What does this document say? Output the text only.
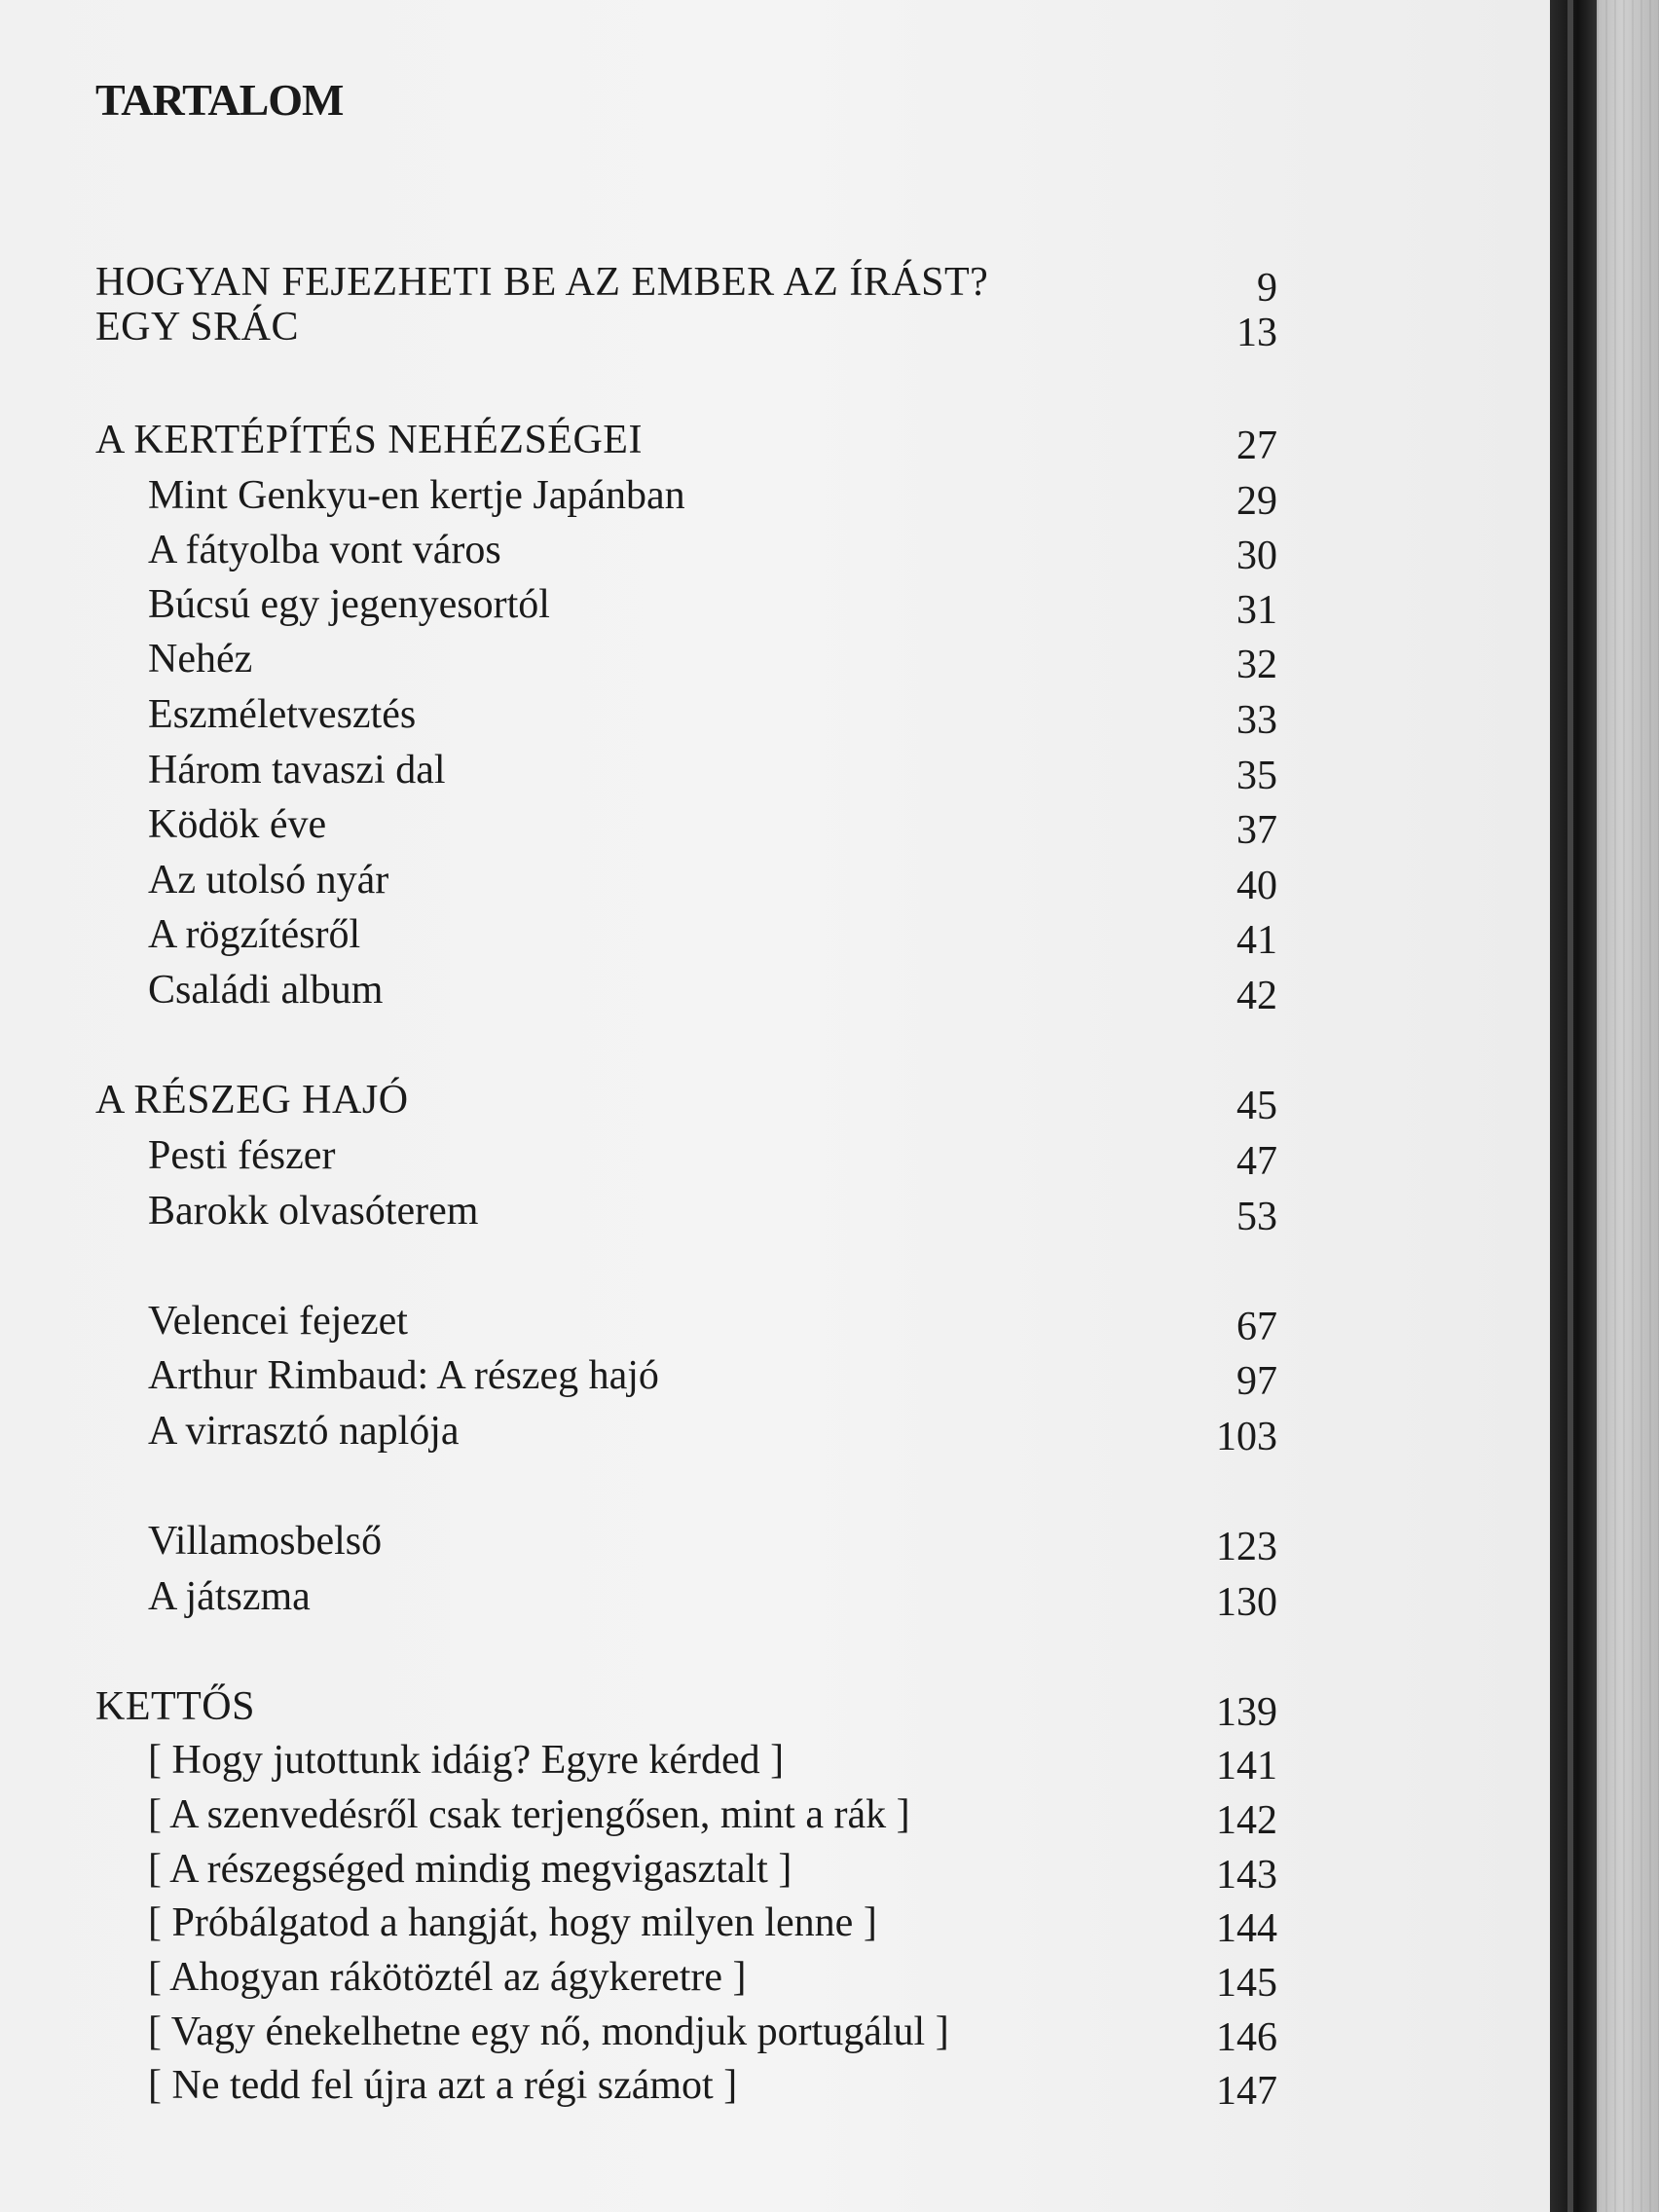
TARTALOM
HOGYAN FEJEZHETI BE AZ EMBER AZ ÍRÁST?	9
EGY SRÁC	13
A KERTÉPÍTÉS NEHÉZSÉGEI	27
Mint Genkyu-en kertje Japánban	29
A fátyolba vont város	30
Búcsú egy jegenyesortól	31
Nehéz	32
Eszméletvesztés	33
Három tavaszi dal	35
Ködök éve	37
Az utolsó nyár	40
A rögzítésről	41
Családi album	42
A RÉSZEG HAJÓ	45
Pesti fészer	47
Barokk olvasóterem	53
Velencei fejezet	67
Arthur Rimbaud: A részeg hajó	97
A virrasztó naplója	103
Villamosbelső	123
A játszma	130
KETTŐS	139
[ Hogy jutottunk idáig? Egyre kérded ]	141
[ A szenvedésről csak terjengősen, mint a rák ]	142
[ A részegséged mindig megvigasztalt ]	143
[ Próbálgatod a hangját, hogy milyen lenne ]	144
[ Ahogyan rákötöztél az ágykeretre ]	145
[ Vagy énekelhetne egy nő, mondjuk portugálul ]	146
[ Ne tedd fel újra azt a régi számot ]	147
